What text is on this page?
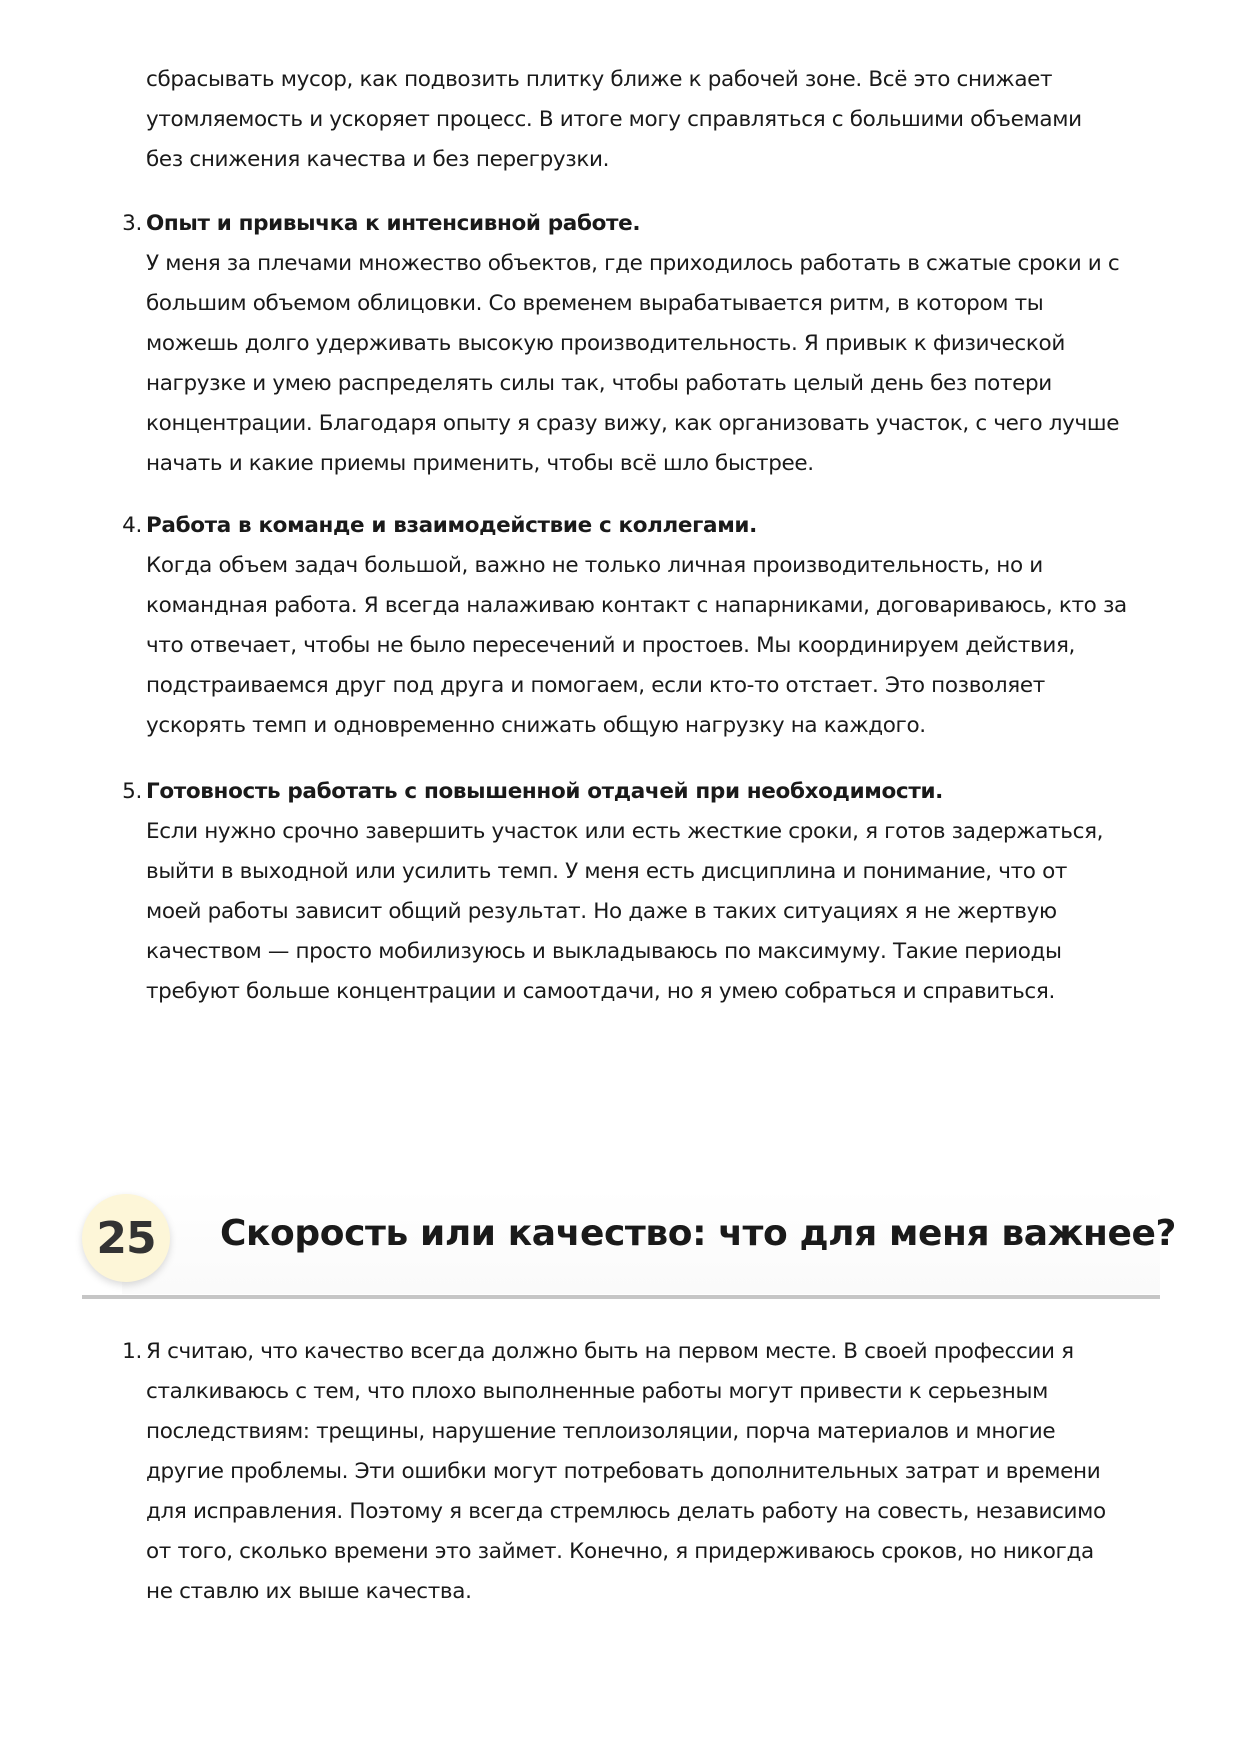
сбрасывать мусор, как подвозить плитку ближе к рабочей зоне. Всё это снижает
утомляемость и ускоряет процесс. В итоге могу справляться с большими объемами
без снижения качества и без перегрузки.
3. Опыт и привычка к интенсивной работе.
У меня за плечами множество объектов, где приходилось работать в сжатые сроки и с
большим объемом облицовки. Со временем вырабатывается ритм, в котором ты
можешь долго удерживать высокую производительность. Я привык к физической
нагрузке и умею распределять силы так, чтобы работать целый день без потери
концентрации. Благодаря опыту я сразу вижу, как организовать участок, с чего лучше
начать и какие приемы применить, чтобы всё шло быстрее.
4. Работа в команде и взаимодействие с коллегами.
Когда объем задач большой, важно не только личная производительность, но и
командная работа. Я всегда налаживаю контакт с напарниками, договариваюсь, кто за
что отвечает, чтобы не было пересечений и простоев. Мы координируем действия,
подстраиваемся друг под друга и помогаем, если кто-то отстает. Это позволяет
ускорять темп и одновременно снижать общую нагрузку на каждого.
5. Готовность работать с повышенной отдачей при необходимости.
Если нужно срочно завершить участок или есть жесткие сроки, я готов задержаться,
выйти в выходной или усилить темп. У меня есть дисциплина и понимание, что от
моей работы зависит общий результат. Но даже в таких ситуациях я не жертвую
качеством — просто мобилизуюсь и выкладываюсь по максимуму. Такие периоды
требуют больше концентрации и самоотдачи, но я умею собраться и справиться.
25	Скорость или качество: что для меня важнее?
1. Я считаю, что качество всегда должно быть на первом месте. В своей профессии я
сталкиваюсь с тем, что плохо выполненные работы могут привести к серьезным
последствиям: трещины, нарушение теплоизоляции, порча материалов и многие
другие проблемы. Эти ошибки могут потребовать дополнительных затрат и времени
для исправления. Поэтому я всегда стремлюсь делать работу на совесть, независимо
от того, сколько времени это займет. Конечно, я придерживаюсь сроков, но никогда
не ставлю их выше качества.
